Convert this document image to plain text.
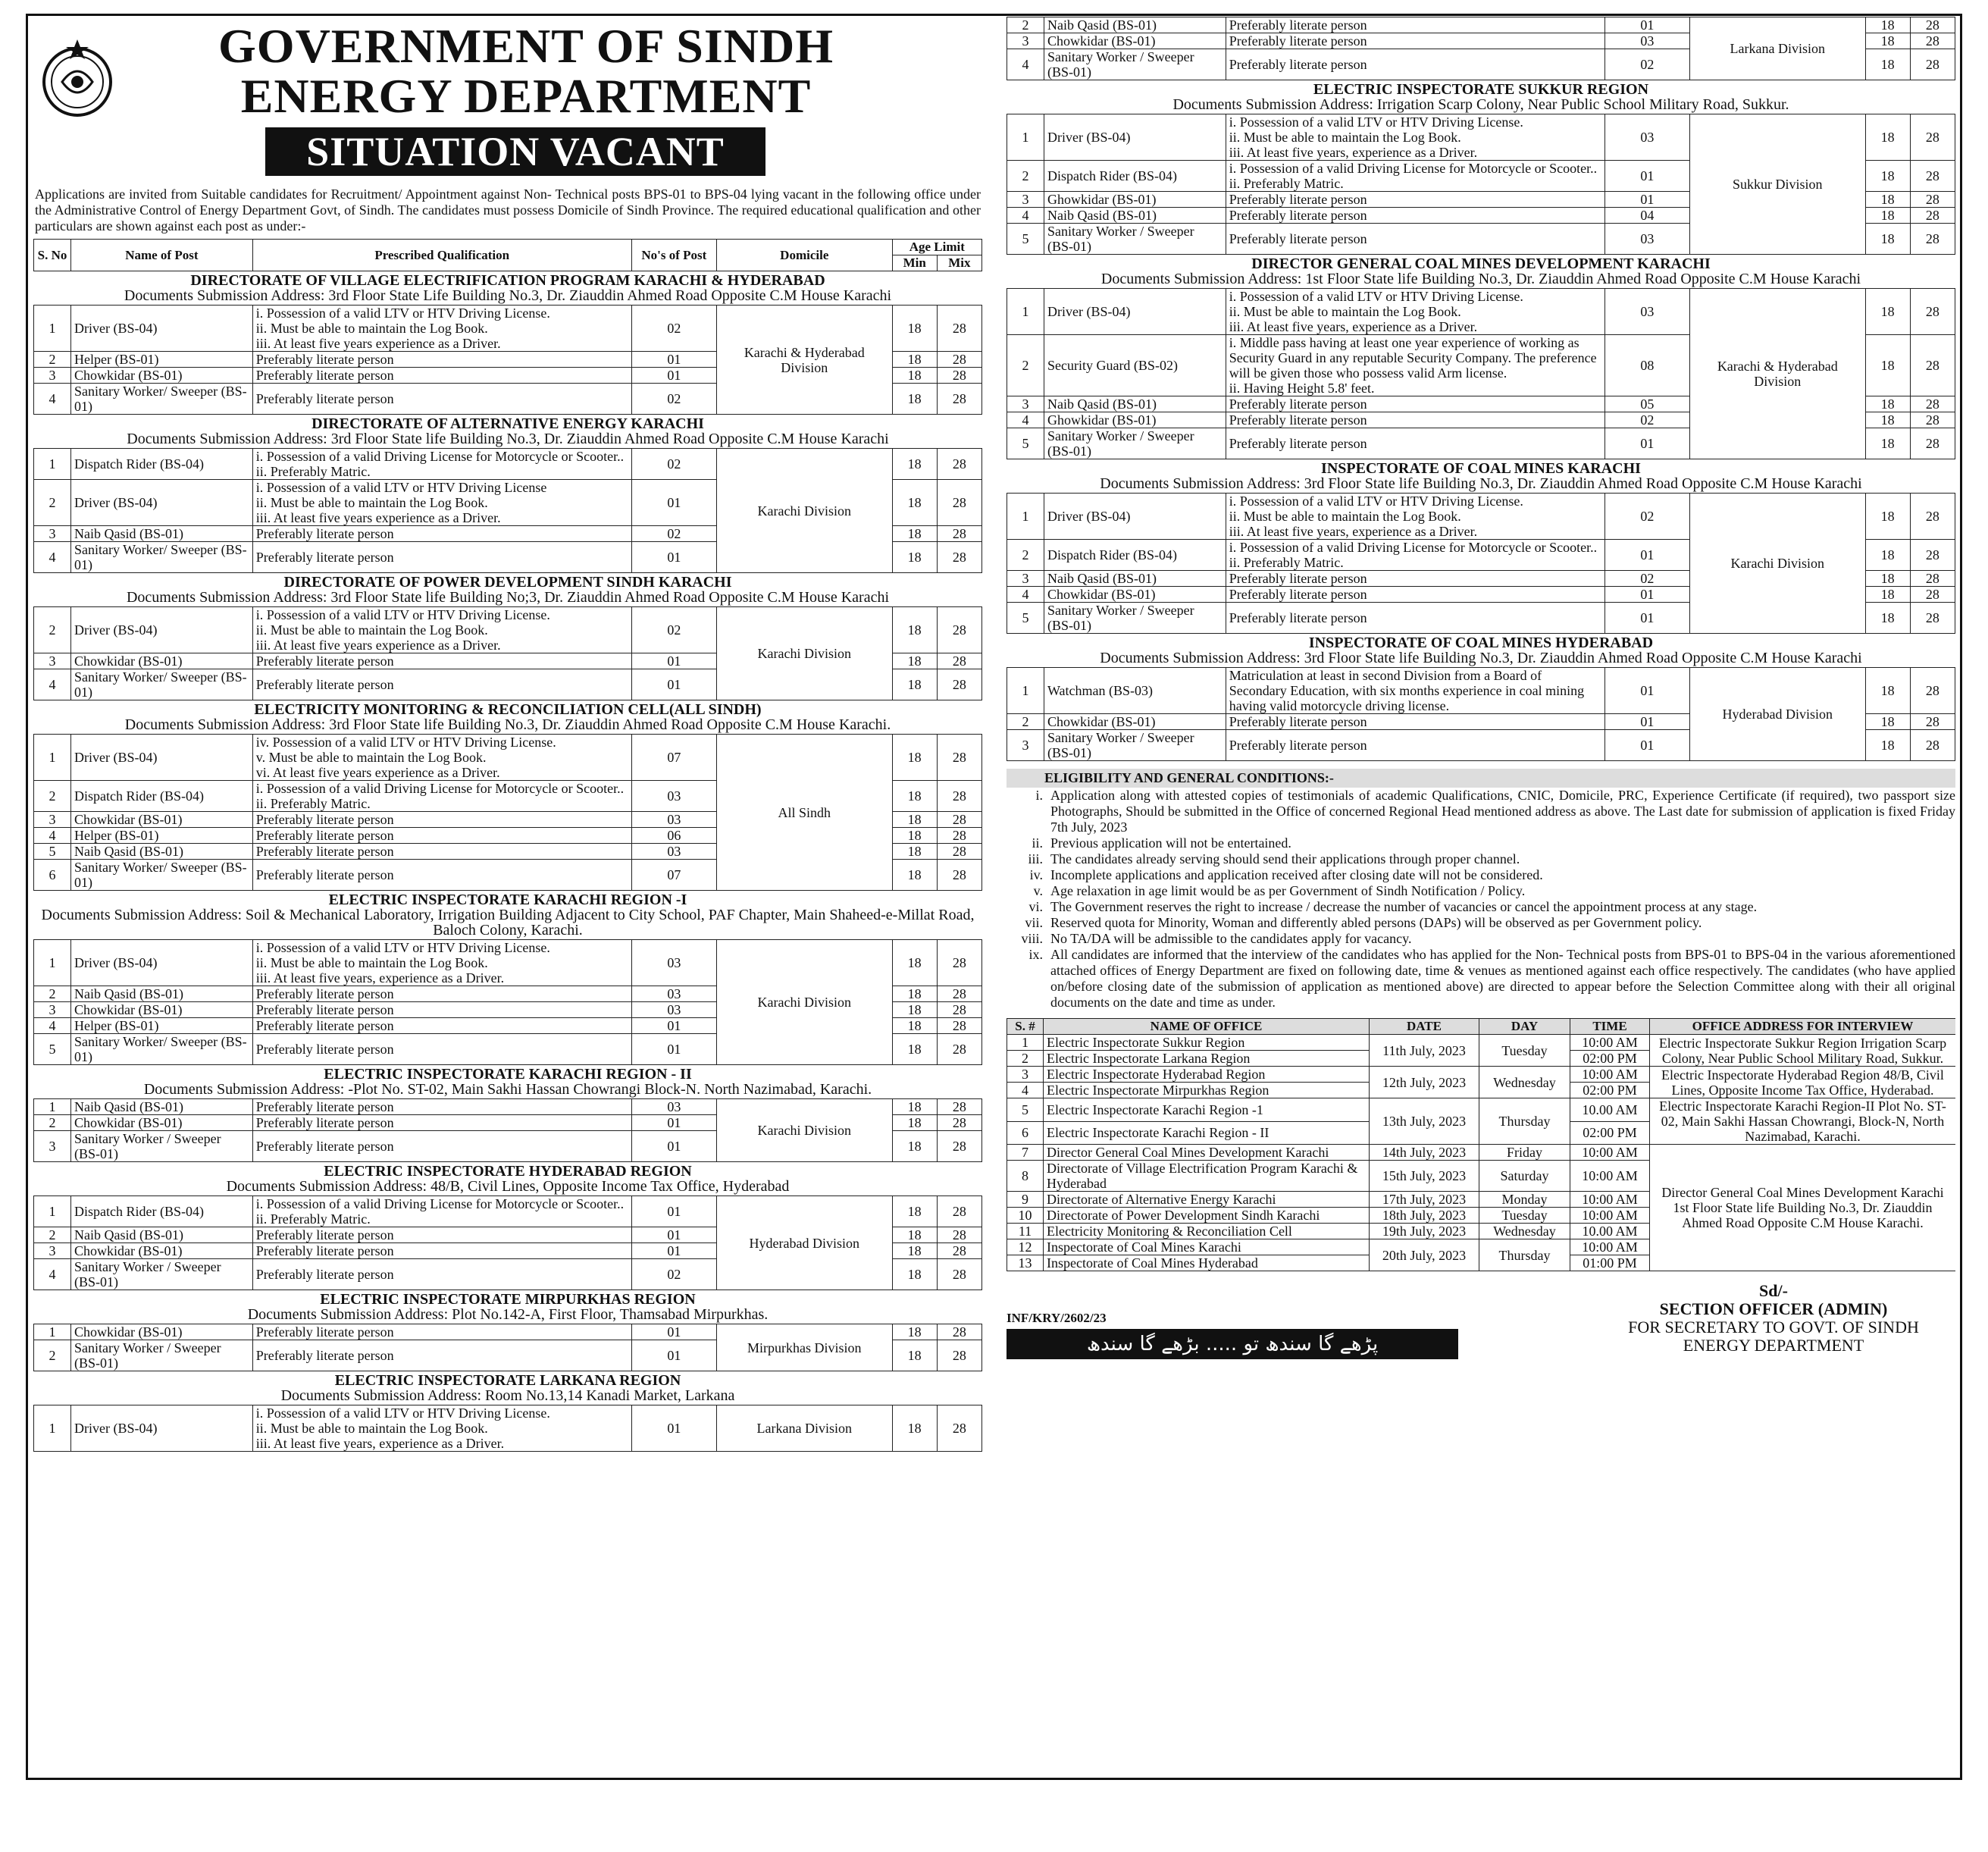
GOVERNMENT OF SINDH
ENERGY DEPARTMENT
SITUATION VACANT
Applications are invited from Suitable candidates for Recruitment/ Appointment against Non- Technical posts BPS-01 to BPS-04 lying vacant in the following office under the Administrative Control of Energy Department Govt, of Sindh. The candidates must possess Domicile of Sindh Province. The required educational qualification and other particulars are shown against each post as under:-
S. No	Name of Post	Prescribed Qualification	No's of Post	Domicile	Age Limit	
					Min	Mix

DIRECTORATE OF VILLAGE ELECTRIFICATION PROGRAM KARACHI & HYDERABAD
Documents Submission Address: 3rd Floor State Life Building No.3, Dr. Ziauddin Ahmed Road Opposite C.M House Karachi						

1	Driver (BS-04)	i. Possession of a valid LTV or HTV Driving License.
ii. Must be able to maintain the Log Book.
iii. At least five years experience as a Driver.	02	Karachi & Hyderabad Division	18	28
2	Helper (BS-01)	Preferably literate person	01		18	28
3	Chowkidar (BS-01)	Preferably literate person	01		18	28
4	Sanitary Worker/ Sweeper (BS-01)	Preferably literate person	02		18	28

DIRECTORATE OF ALTERNATIVE ENERGY KARACHI
Documents Submission Address: 3rd Floor State life Building No.3, Dr. Ziauddin Ahmed Road Opposite C.M House Karachi						

1	Dispatch Rider (BS-04)	i. Possession of a valid Driving License for Motorcycle or Scooter..
ii. Preferably Matric.	02	Karachi Division	18	28
2	Driver (BS-04)	i. Possession of a valid LTV or HTV Driving License
ii. Must be able to maintain the Log Book.
iii. At least five years experience as a Driver.	01		18	28
3	Naib Qasid (BS-01)	Preferably literate person	02		18	28
4	Sanitary Worker/ Sweeper (BS-01)	Preferably literate person	01		18	28

DIRECTORATE OF POWER DEVELOPMENT SINDH KARACHI
Documents Submission Address: 3rd Floor State life Building No;3, Dr. Ziauddin Ahmed Road Opposite C.M House Karachi						

2	Driver (BS-04)	i. Possession of a valid LTV or HTV Driving License.
ii. Must be able to maintain the Log Book.
iii. At least five years experience as a Driver.	02	Karachi Division	18	28
3	Chowkidar (BS-01)	Preferably literate person	01		18	28
4	Sanitary Worker/ Sweeper (BS-01)	Preferably literate person	01		18	28

ELECTRICITY MONITORING & RECONCILIATION CELL(ALL SINDH)
Documents Submission Address: 3rd Floor State life Building No.3, Dr. Ziauddin Ahmed Road Opposite C.M House Karachi.						

1	Driver (BS-04)	iv. Possession of a valid LTV or HTV Driving License.
v. Must be able to maintain the Log Book.
vi. At least five years experience as a Driver.	07	All Sindh	18	28
2	Dispatch Rider (BS-04)	i. Possession of a valid Driving License for Motorcycle or Scooter..
ii. Preferably Matric.	03		18	28
3	Chowkidar (BS-01)	Preferably literate person	03		18	28
4	Helper (BS-01)	Preferably literate person	06		18	28
5	Naib Qasid (BS-01)	Preferably literate person	03		18	28
6	Sanitary Worker/ Sweeper (BS-01)	Preferably literate person	07		18	28

ELECTRIC INSPECTORATE KARACHI REGION -I
Documents Submission Address: Soil & Mechanical Laboratory, Irrigation Building Adjacent to City School, PAF Chapter, Main Shaheed-e-Millat Road, Baloch Colony, Karachi.						

1	Driver (BS-04)	i. Possession of a valid LTV or HTV Driving License.
ii. Must be able to maintain the Log Book.
iii. At least five years, experience as a Driver.	03	Karachi Division	18	28
2	Naib Qasid (BS-01)	Preferably literate person	03		18	28
3	Chowkidar (BS-01)	Preferably literate person	03		18	28
4	Helper (BS-01)	Preferably literate person	01		18	28
5	Sanitary Worker/ Sweeper (BS-01)	Preferably literate person	01		18	28

ELECTRIC INSPECTORATE KARACHI REGION - II
Documents Submission Address: -Plot No. ST-02, Main Sakhi Hassan Chowrangi Block-N. North Nazimabad, Karachi.						

1	Naib Qasid (BS-01)	Preferably literate person	03	Karachi Division	18	28
2	Chowkidar (BS-01)	Preferably literate person	01		18	28
3	Sanitary Worker / Sweeper (BS-01)	Preferably literate person	01		18	28

ELECTRIC INSPECTORATE HYDERABAD REGION
Documents Submission Address: 48/B, Civil Lines, Opposite Income Tax Office, Hyderabad						

1	Dispatch Rider (BS-04)	i. Possession of a valid Driving License for Motorcycle or Scooter..
ii. Preferably Matric.	01	Hyderabad Division	18	28
2	Naib Qasid (BS-01)	Preferably literate person	01		18	28
3	Chowkidar (BS-01)	Preferably literate person	01		18	28
4	Sanitary Worker / Sweeper (BS-01)	Preferably literate person	02		18	28

ELECTRIC INSPECTORATE MIRPURKHAS REGION
Documents Submission Address: Plot No.142-A, First Floor, Thamsabad Mirpurkhas.						

1	Chowkidar (BS-01)	Preferably literate person	01	Mirpurkhas Division	18	28
2	Sanitary Worker / Sweeper (BS-01)	Preferably literate person	01		18	28

ELECTRIC INSPECTORATE LARKANA REGION
Documents Submission Address: Room No.13,14 Kanadi Market, Larkana						

1	Driver (BS-04)	i. Possession of a valid LTV or HTV Driving License.
ii. Must be able to maintain the Log Book.
iii. At least five years, experience as a Driver.	01	Larkana Division	18	28
2	Naib Qasid (BS-01)	Preferably literate person	01	Larkana Division	18	28
3	Chowkidar (BS-01)	Preferably literate person	03		18	28
4	Sanitary Worker / Sweeper (BS-01)	Preferably literate person	02		18	28

ELECTRIC INSPECTORATE SUKKUR REGION
Documents Submission Address: Irrigation Scarp Colony, Near Public School Military Road, Sukkur.						

1	Driver (BS-04)	i. Possession of a valid LTV or HTV Driving License.
ii. Must be able to maintain the Log Book.
iii. At least five years, experience as a Driver.	03	Sukkur Division	18	28
2	Dispatch Rider (BS-04)	i. Possession of a valid Driving License for Motorcycle or Scooter..
ii. Preferably Matric.	01		18	28
3	Ghowkidar (BS-01)	Preferably literate person	01		18	28
4	Naib Qasid (BS-01)	Preferably literate person	04		18	28
5	Sanitary Worker / Sweeper (BS-01)	Preferably literate person	03		18	28

DIRECTOR GENERAL COAL MINES DEVELOPMENT KARACHI
Documents Submission Address: 1st Floor State life Building No.3, Dr. Ziauddin Ahmed Road Opposite C.M House Karachi						

1	Driver (BS-04)	i. Possession of a valid LTV or HTV Driving License.
ii. Must be able to maintain the Log Book.
iii. At least five years, experience as a Driver.	03	Karachi & Hyderabad Division	18	28
2	Security Guard (BS-02)	i. Middle pass having at least one year experience of working as Security Guard in any reputable Security Company. The preference will be given those who possess valid Arm license.
ii. Having Height 5.8' feet.	08		18	28
3	Naib Qasid (BS-01)	Preferably literate person	05		18	28
4	Ghowkidar (BS-01)	Preferably literate person	02		18	28
5	Sanitary Worker / Sweeper (BS-01)	Preferably literate person	01		18	28

INSPECTORATE OF COAL MINES KARACHI
Documents Submission Address: 3rd Floor State life Building No.3, Dr. Ziauddin Ahmed Road Opposite C.M House Karachi						

1	Driver (BS-04)	i. Possession of a valid LTV or HTV Driving License.
ii. Must be able to maintain the Log Book.
iii. At least five years, experience as a Driver.	02	Karachi Division	18	28
2	Dispatch Rider (BS-04)	i. Possession of a valid Driving License for Motorcycle or Scooter..
ii. Preferably Matric.	01		18	28
3	Naib Qasid (BS-01)	Preferably literate person	02		18	28
4	Chowkidar (BS-01)	Preferably literate person	01		18	28
5	Sanitary Worker / Sweeper (BS-01)	Preferably literate person	01		18	28

INSPECTORATE OF COAL MINES HYDERABAD
Documents Submission Address: 3rd Floor State life Building No.3, Dr. Ziauddin Ahmed Road Opposite C.M House Karachi						

1	Watchman (BS-03)	Matriculation at least in second Division from a Board of Secondary Education, with six months experience in coal mining having valid motorcycle driving license.	01	Hyderabad Division	18	28
2	Chowkidar (BS-01)	Preferably literate person	01		18	28
3	Sanitary Worker / Sweeper (BS-01)	Preferably literate person	01		18	28
ELIGIBILITY AND GENERAL CONDITIONS:-
i. Application along with attested copies of testimonials of academic Qualifications, CNIC, Domicile, PRC, Experience Certificate (if required), two passport size Photographs, Should be submitted in the Office of concerned Regional Head mentioned address as above. The Last date for submission of application is fixed Friday 7th July, 2023
ii. Previous application will not be entertained.
iii. The candidates already serving should send their applications through proper channel.
iv. Incomplete applications and application received after closing date will not be considered.
v. Age relaxation in age limit would be as per Government of Sindh Notification / Policy.
vi. The Government reserves the right to increase / decrease the number of vacancies or cancel the appointment process at any stage.
vii. Reserved quota for Minority, Woman and differently abled persons (DAPs) will be observed as per Government policy.
viii. No TA/DA will be admissible to the candidates apply for vacancy.
ix. All candidates are informed that the interview of the candidates who has applied for the Non- Technical posts from BPS-01 to BPS-04 in the various aforementioned attached offices of Energy Department are fixed on following date, time & venues as mentioned against each office respectively. The candidates (who have applied on/before closing date of the submission of application as mentioned above) are directed to appear before the Selection Committee along with their all original documents on the date and time as under.
S. #	NAME OF OFFICE	DATE	DAY	TIME	OFFICE ADDRESS FOR INTERVIEW
1	Electric Inspectorate Sukkur Region	11th July, 2023	Tuesday	10:00 AM	Electric Inspectorate Sukkur Region Irrigation Scarp Colony, Near Public School Military Road, Sukkur.
2	Electric Inspectorate Larkana Region			02:00 PM	
3	Electric Inspectorate Hyderabad Region	12th July, 2023	Wednesday	10:00 AM	Electric Inspectorate Hyderabad Region 48/B, Civil Lines, Opposite Income Tax Office, Hyderabad.
4	Electric Inspectorate Mirpurkhas Region			02:00 PM	
5	Electric Inspectorate Karachi Region -1	13th July, 2023	Thursday	10.00 AM	Electric Inspectorate Karachi Region-II Plot No. ST-02, Main Sakhi Hassan Chowrangi, Block-N, North Nazimabad, Karachi.
6	Electric Inspectorate Karachi Region - II			02:00 PM	
7	Director General Coal Mines Development Karachi	14th July, 2023	Friday	10:00 AM	Director General Coal Mines Development Karachi 1st Floor State life Building No.3, Dr. Ziauddin Ahmed Road Opposite C.M House Karachi.
8	Directorate of Village Electrification Program Karachi & Hyderabad	15th July, 2023	Saturday	10:00 AM	
9	Directorate of Alternative Energy Karachi	17th July, 2023	Monday	10:00 AM	
10	Directorate of Power Development Sindh Karachi	18th July, 2023	Tuesday	10:00 AM	
11	Electricity Monitoring & Reconciliation Cell	19th July, 2023	Wednesday	10.00 AM	
12	Inspectorate of Coal Mines Karachi	20th July, 2023	Thursday	10:00 AM	
13	Inspectorate of Coal Mines Hyderabad			01:00 PM	
INF/KRY/2602/23
پڑھے گا سندھ تو ..... بڑھے گا سندھ
Sd/-
SECTION OFFICER (ADMIN)
FOR SECRETARY TO GOVT. OF SINDH
ENERGY DEPARTMENT
